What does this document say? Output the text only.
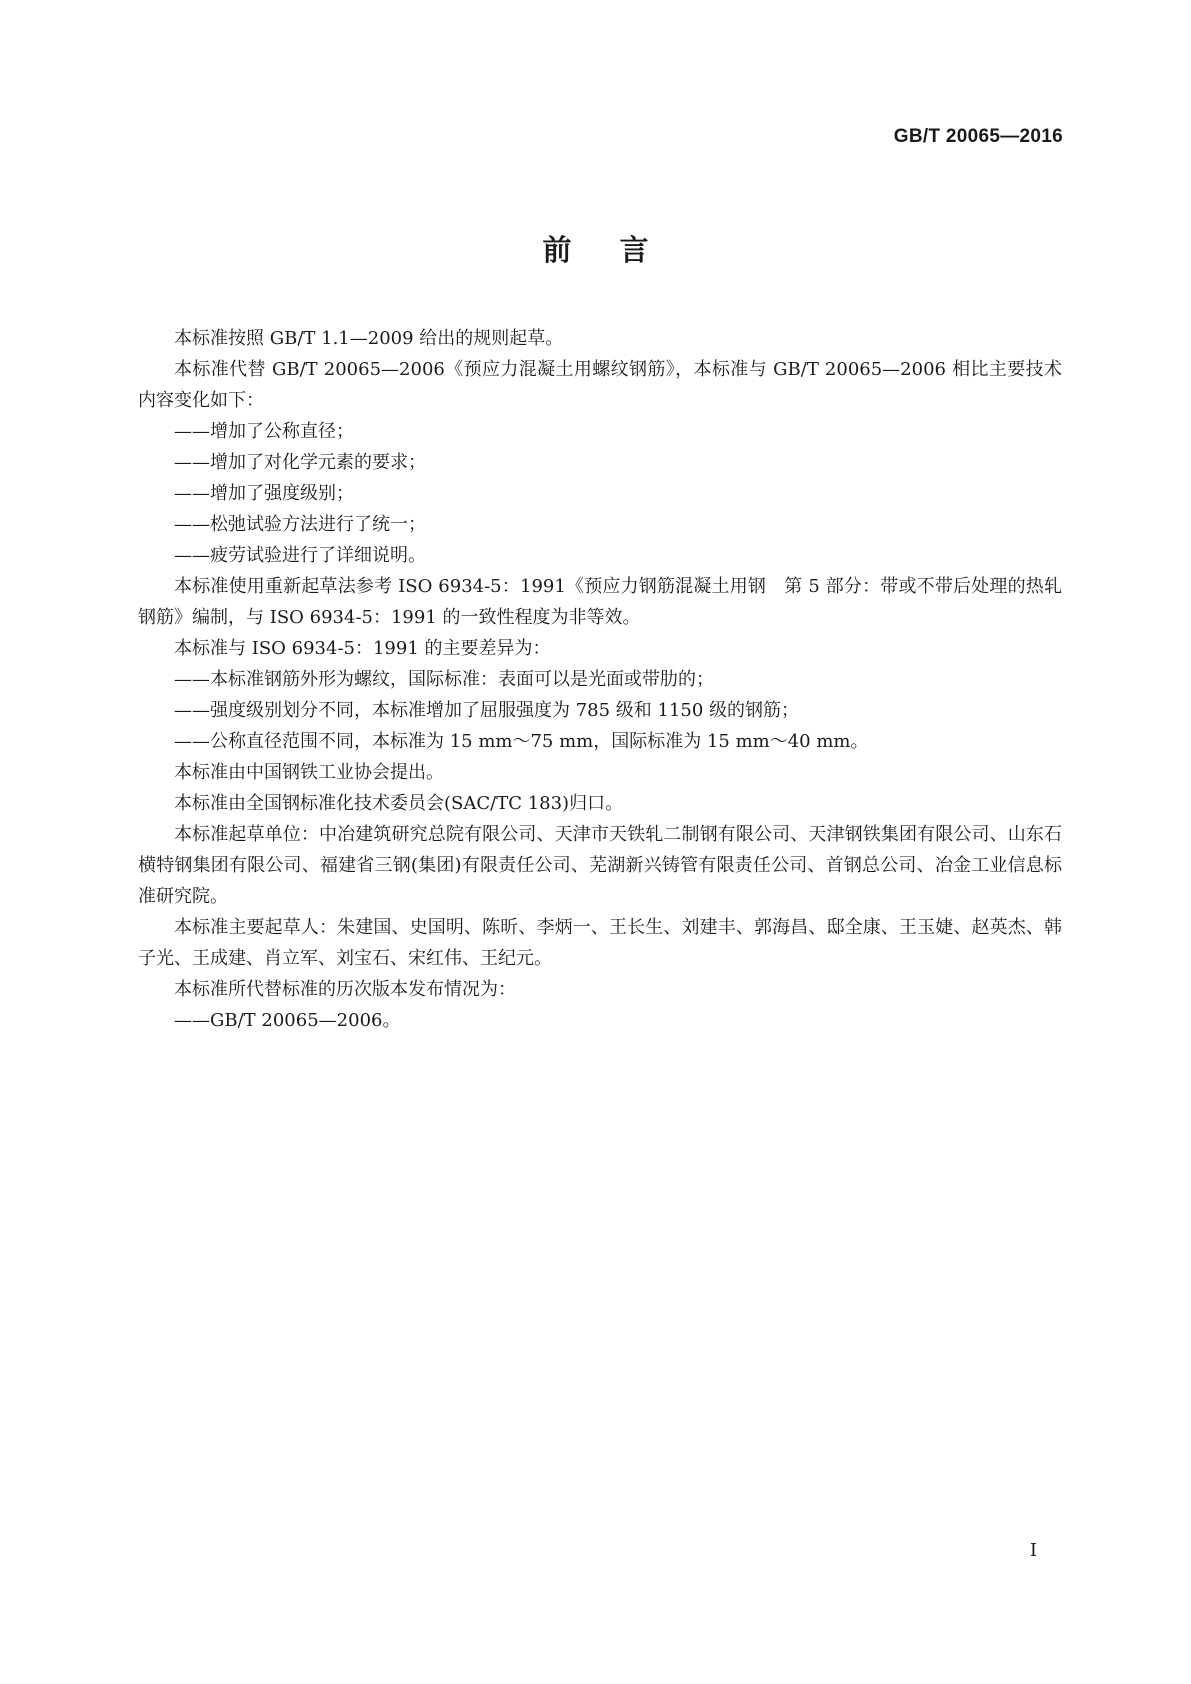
GB/T 20065—2016
前言

本标准按照 GB/T 1.1—2009 给出的规则起草。

本标准代替 GB/T 20065—2006《预应力混凝土用螺纹钢筋》，本标准与 GB/T 20065—2006 相比主要技术内容变化如下：

——增加了公称直径；

——增加了对化学元素的要求；

——增加了强度级别；

——松弛试验方法进行了统一；

——疲劳试验进行了详细说明。

本标准使用重新起草法参考 ISO 6934-5：1991《预应力钢筋混凝土用钢　第 5 部分：带或不带后处理的热轧钢筋》编制，与 ISO 6934-5：1991 的一致性程度为非等效。

本标准与 ISO 6934-5：1991 的主要差异为：

——本标准钢筋外形为螺纹，国际标准：表面可以是光面或带肋的；

——强度级别划分不同，本标准增加了屈服强度为 785 级和 1150 级的钢筋；

——公称直径范围不同，本标准为 15 mm～75 mm，国际标准为 15 mm～40 mm。

本标准由中国钢铁工业协会提出。

本标准由全国钢标准化技术委员会(SAC/TC 183)归口。

本标准起草单位：中冶建筑研究总院有限公司、天津市天铁轧二制钢有限公司、天津钢铁集团有限公司、山东石横特钢集团有限公司、福建省三钢(集团)有限责任公司、芜湖新兴铸管有限责任公司、首钢总公司、冶金工业信息标准研究院。

本标准主要起草人：朱建国、史国明、陈昕、李炳一、王长生、刘建丰、郭海昌、邸全康、王玉婕、赵英杰、韩子光、王成建、肖立军、刘宝石、宋红伟、王纪元。

本标准所代替标准的历次版本发布情况为：

——GB/T 20065—2006。

I
